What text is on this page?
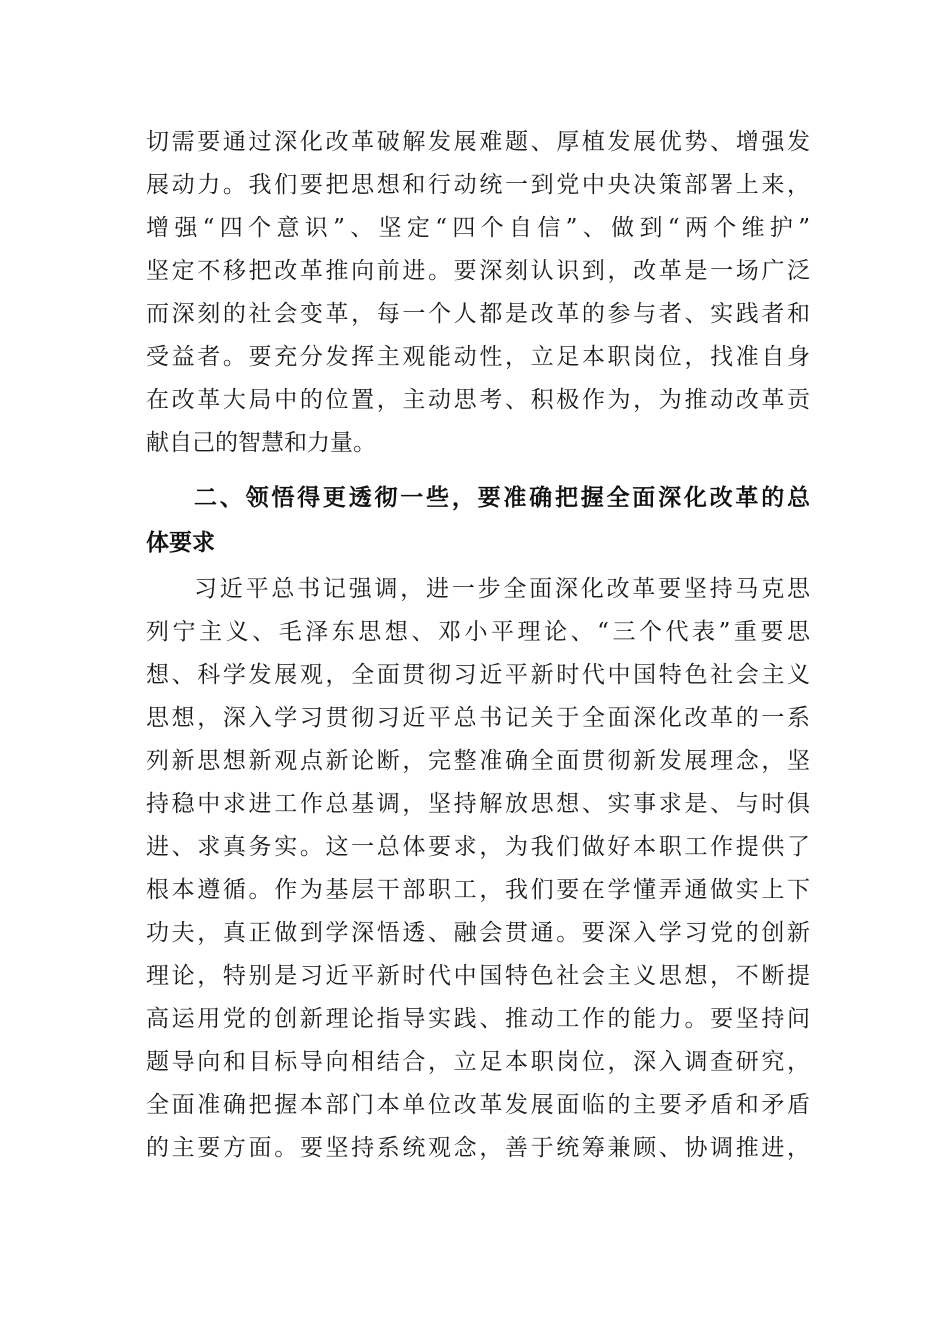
切需要通过深化改革破解发展难题、厚植发展优势、增强发
展动力。我们要把思想和行动统一到党中央决策部署上来，
增强“四个意识”、坚定“四个自信”、做到“两个维护”
坚定不移把改革推向前进。要深刻认识到，改革是一场广泛
而深刻的社会变革，每一个人都是改革的参与者、实践者和
受益者。要充分发挥主观能动性，立足本职岗位，找准自身
在改革大局中的位置，主动思考、积极作为，为推动改革贡
献自己的智慧和力量。
二、领悟得更透彻一些，要准确把握全面深化改革的总
体要求
习近平总书记强调，进一步全面深化改革要坚持马克思
列宁主义、毛泽东思想、邓小平理论、“三个代表”重要思
想、科学发展观，全面贯彻习近平新时代中国特色社会主义
思想，深入学习贯彻习近平总书记关于全面深化改革的一系
列新思想新观点新论断，完整准确全面贯彻新发展理念，坚
持稳中求进工作总基调，坚持解放思想、实事求是、与时俱
进、求真务实。这一总体要求，为我们做好本职工作提供了
根本遵循。作为基层干部职工，我们要在学懂弄通做实上下
功夫，真正做到学深悟透、融会贯通。要深入学习党的创新
理论，特别是习近平新时代中国特色社会主义思想，不断提
高运用党的创新理论指导实践、推动工作的能力。要坚持问
题导向和目标导向相结合，立足本职岗位，深入调查研究，
全面准确把握本部门本单位改革发展面临的主要矛盾和矛盾
的主要方面。要坚持系统观念，善于统筹兼顾、协调推进，
